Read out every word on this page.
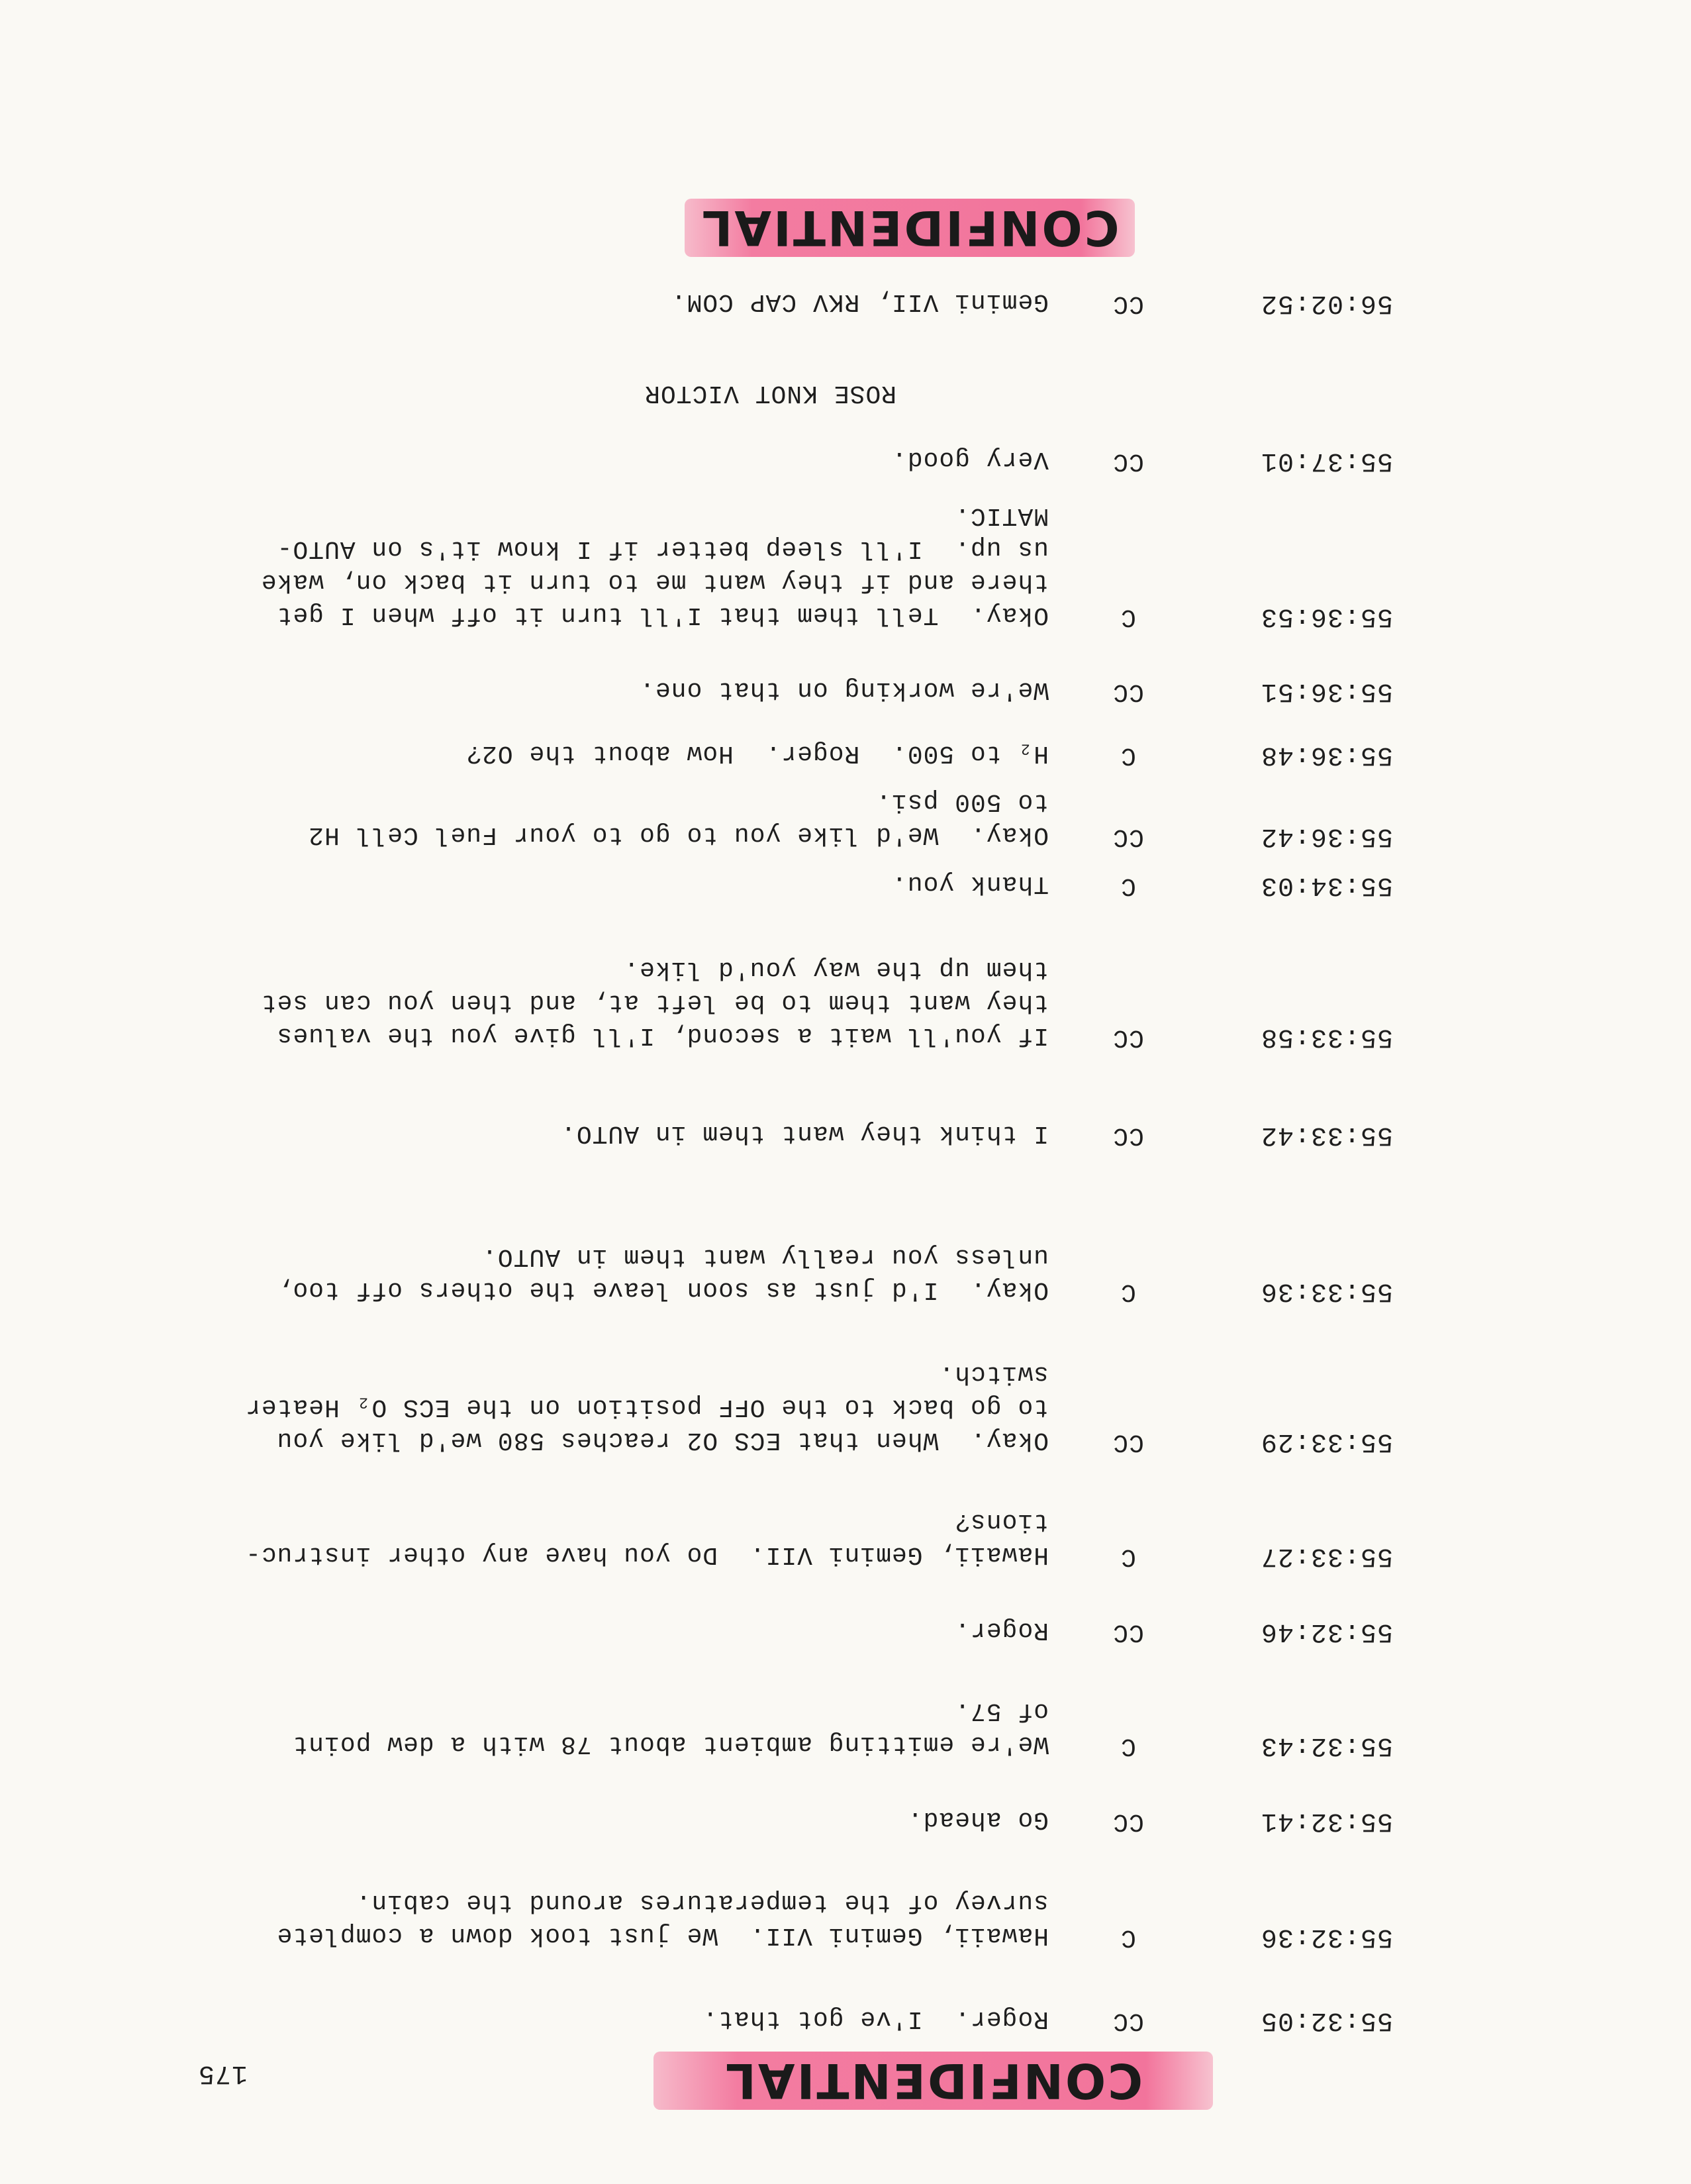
CONFIDENTIAL
175
55:32:05
CC
Roger.  I've got that.
55:32:36
C
Hawaii, Gemini VII.  We just took down a complete
survey of the temperatures around the cabin.
55:32:41
CC
Go ahead.
55:32:43
C
We're emitting ambient about 78 with a dew point
of 57.
55:32:46
CC
Roger.
55:33:27
C
Hawaii, Gemini VII.  Do you have any other instruc-
tions?
55:33:29
CC
Okay.  When that ECS O2 reaches 580 we'd like you
to go back to the OFF position on the ECS O₂ Heater
switch.
55:33:36
C
Okay.  I'd just as soon leave the others off too,
unless you really want them in AUTO.
55:33:42
CC
I think they want them in AUTO.
55:33:58
CC
If you'll wait a second, I'll give you the values
they want them to be left at, and then you can set
them up the way you'd like.
55:34:03
C
Thank you.
55:36:42
CC
Okay.  We'd like you to go to your Fuel Cell H2
to 500 psi.
55:36:48
C
H₂ to 500.  Roger.  How about the O2?
55:36:51
CC
We're working on that one.
55:36:53
C
Okay.  Tell them that I'll turn it off when I get
there and if they want me to turn it back on, wake
us up.  I'll sleep better if I know it's on AUTO-
MATIC.
55:37:01
CC
Very good.
ROSE KNOT VICTOR
56:02:52
CC
Gemini VII, RKV CAP COM.
CONFIDENTIAL
